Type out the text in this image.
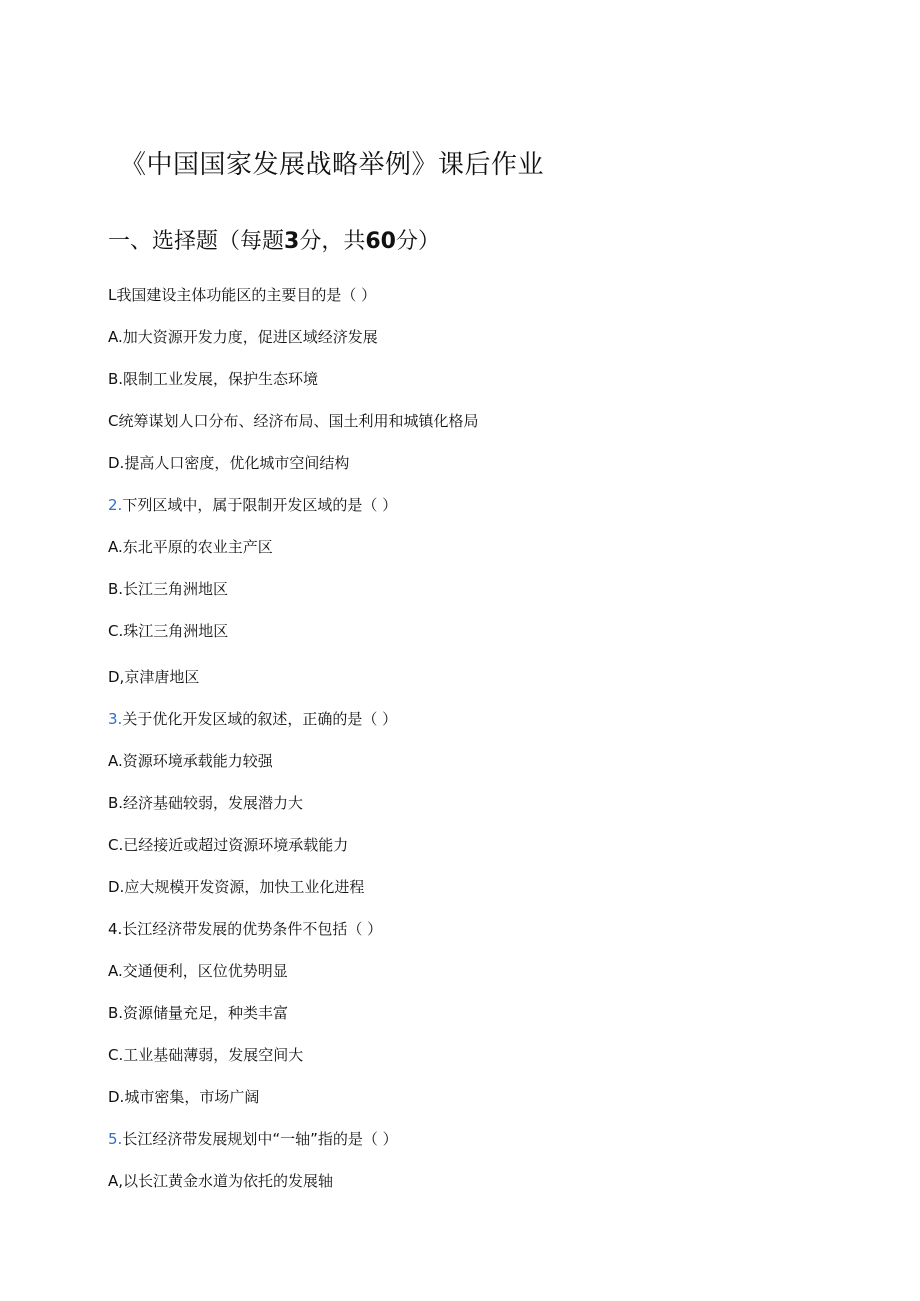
《中国国家发展战略举例》课后作业
一、选择题（每题3分，共60分）
L我国建设主体功能区的主要目的是（ ）
A.加大资源开发力度，促进区域经济发展
B.限制工业发展，保护生态环境
C统筹谋划人口分布、经济布局、国土利用和城镇化格局
D.提高人口密度，优化城市空间结构
2.下列区域中，属于限制开发区域的是（ ）
A.东北平原的农业主产区
B.长江三角洲地区
C.珠江三角洲地区
D,京津唐地区
3.关于优化开发区域的叙述，正确的是（ ）
A.资源环境承载能力较强
B.经济基础较弱，发展潜力大
C.已经接近或超过资源环境承载能力
D.应大规模开发资源，加快工业化进程
4.长江经济带发展的优势条件不包括（ ）
A.交通便利，区位优势明显
B.资源储量充足，种类丰富
C.工业基础薄弱，发展空间大
D.城市密集，市场广阔
5.长江经济带发展规划中“一轴”指的是（ ）
A,以长江黄金水道为依托的发展轴
